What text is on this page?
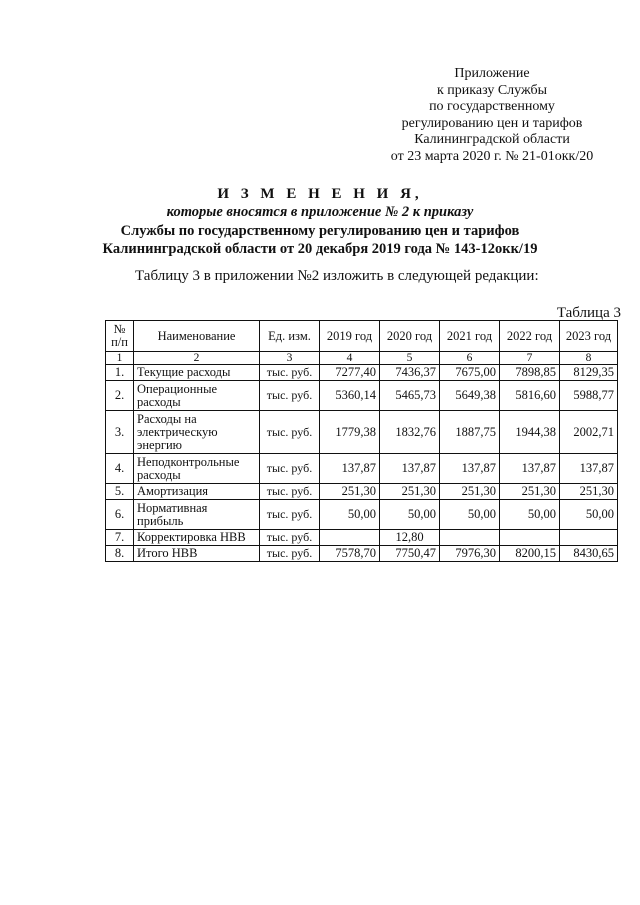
Приложение
к приказу Службы
по государственному
регулированию цен и тарифов
Калининградской области
от 23 марта 2020 г. № 21-01окк/20
И З М Е Н Е Н И Я,
которые вносятся в приложение № 2 к приказу
Службы по государственному регулированию цен и тарифов
Калининградской области от 20 декабря 2019 года № 143-12окк/19
Таблицу 3 в приложении №2 изложить в следующей редакции:
Таблица 3
№ п/п	Наименование	Ед. изм.	2019 год	2020 год	2021 год	2022 год	2023 год
1	2	3	4	5	6	7	8
1.	Текущие расходы	тыс. руб.	7277,40	7436,37	7675,00	7898,85	8129,35
2.	Операционные расходы	тыс. руб.	5360,14	5465,73	5649,38	5816,60	5988,77
3.	Расходы на электрическую энергию	тыс. руб.	1779,38	1832,76	1887,75	1944,38	2002,71
4.	Неподконтрольные расходы	тыс. руб.	137,87	137,87	137,87	137,87	137,87
5.	Амортизация	тыс. руб.	251,30	251,30	251,30	251,30	251,30
6.	Нормативная прибыль	тыс. руб.	50,00	50,00	50,00	50,00	50,00
7.	Корректировка НВВ	тыс. руб.		12,80			
8.	Итого НВВ	тыс. руб.	7578,70	7750,47	7976,30	8200,15	8430,65
